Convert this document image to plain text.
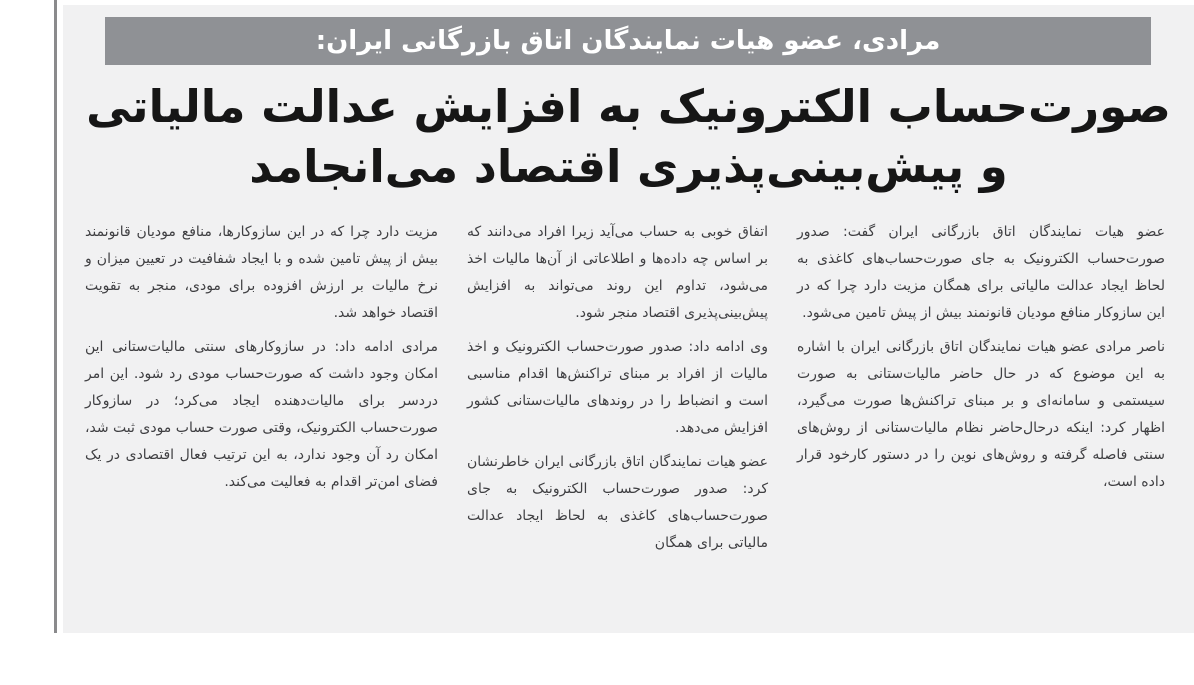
مرادی، عضو هیات نمایندگان اتاق بازرگانی ایران:
صورت‌حساب الکترونیک به افزایش عدالت مالیاتی
و پیش‌بینی‌پذیری اقتصاد می‌انجامد

عضو هیات نمایندگان اتاق بازرگانی ایران گفت: صدور صورت‌حساب الکترونیک به جای صورت‌حساب‌های کاغذی به لحاظ ایجاد عدالت مالیاتی برای همگان مزیت دارد چرا که در این سازوکار منافع مودیان قانونمند بیش از پیش تامین می‌شود.

ناصر مرادی عضو هیات نمایندگان اتاق بازرگانی ایران با اشاره به این موضوع که در حال حاضر مالیات‌ستانی به صورت سیستمی و سامانه‌ای و بر مبنای تراکنش‌ها صورت می‌گیرد، اظهار کرد: اینکه درحال‌حاضر نظام مالیات‌ستانی از روش‌های سنتی فاصله گرفته و روش‌های نوین را در دستور کارخود قرار داده است،

اتفاق خوبی به حساب می‌آید زیرا افراد می‌دانند که بر اساس چه داده‌ها و اطلاعاتی از آن‌ها مالیات اخذ می‌شود، تداوم این روند می‌تواند به افزایش پیش‌بینی‌پذیری اقتصاد منجر شود.

وی ادامه داد: صدور صورت‌حساب الکترونیک و اخذ مالیات از افراد بر مبنای تراکنش‌ها اقدام مناسبی است و انضباط را در روندهای مالیات‌ستانی کشور افزایش می‌دهد.

عضو هیات نمایندگان اتاق بازرگانی ایران خاطرنشان کرد: صدور صورت‌حساب الکترونیک به جای صورت‌حساب‌های کاغذی به لحاظ ایجاد عدالت مالیاتی برای همگان

مزیت دارد چرا که در این سازوکارها، منافع مودیان قانونمند بیش از پیش تامین شده و با ایجاد شفافیت در تعیین میزان و نرخ مالیات بر ارزش افزوده برای مودی، منجر به تقویت اقتصاد خواهد شد.

مرادی ادامه داد: در سازوکارهای سنتی مالیات‌ستانی این امکان وجود داشت که صورت‌حساب مودی رد شود. این امر دردسر برای مالیات‌دهنده ایجاد می‌کرد؛ در سازوکار صورت‌حساب الکترونیک، وقتی صورت حساب مودی ثبت شد، امکان رد آن وجود ندارد، به این ترتیب فعال اقتصادی در یک فضای امن‌تر اقدام به فعالیت می‌کند.
